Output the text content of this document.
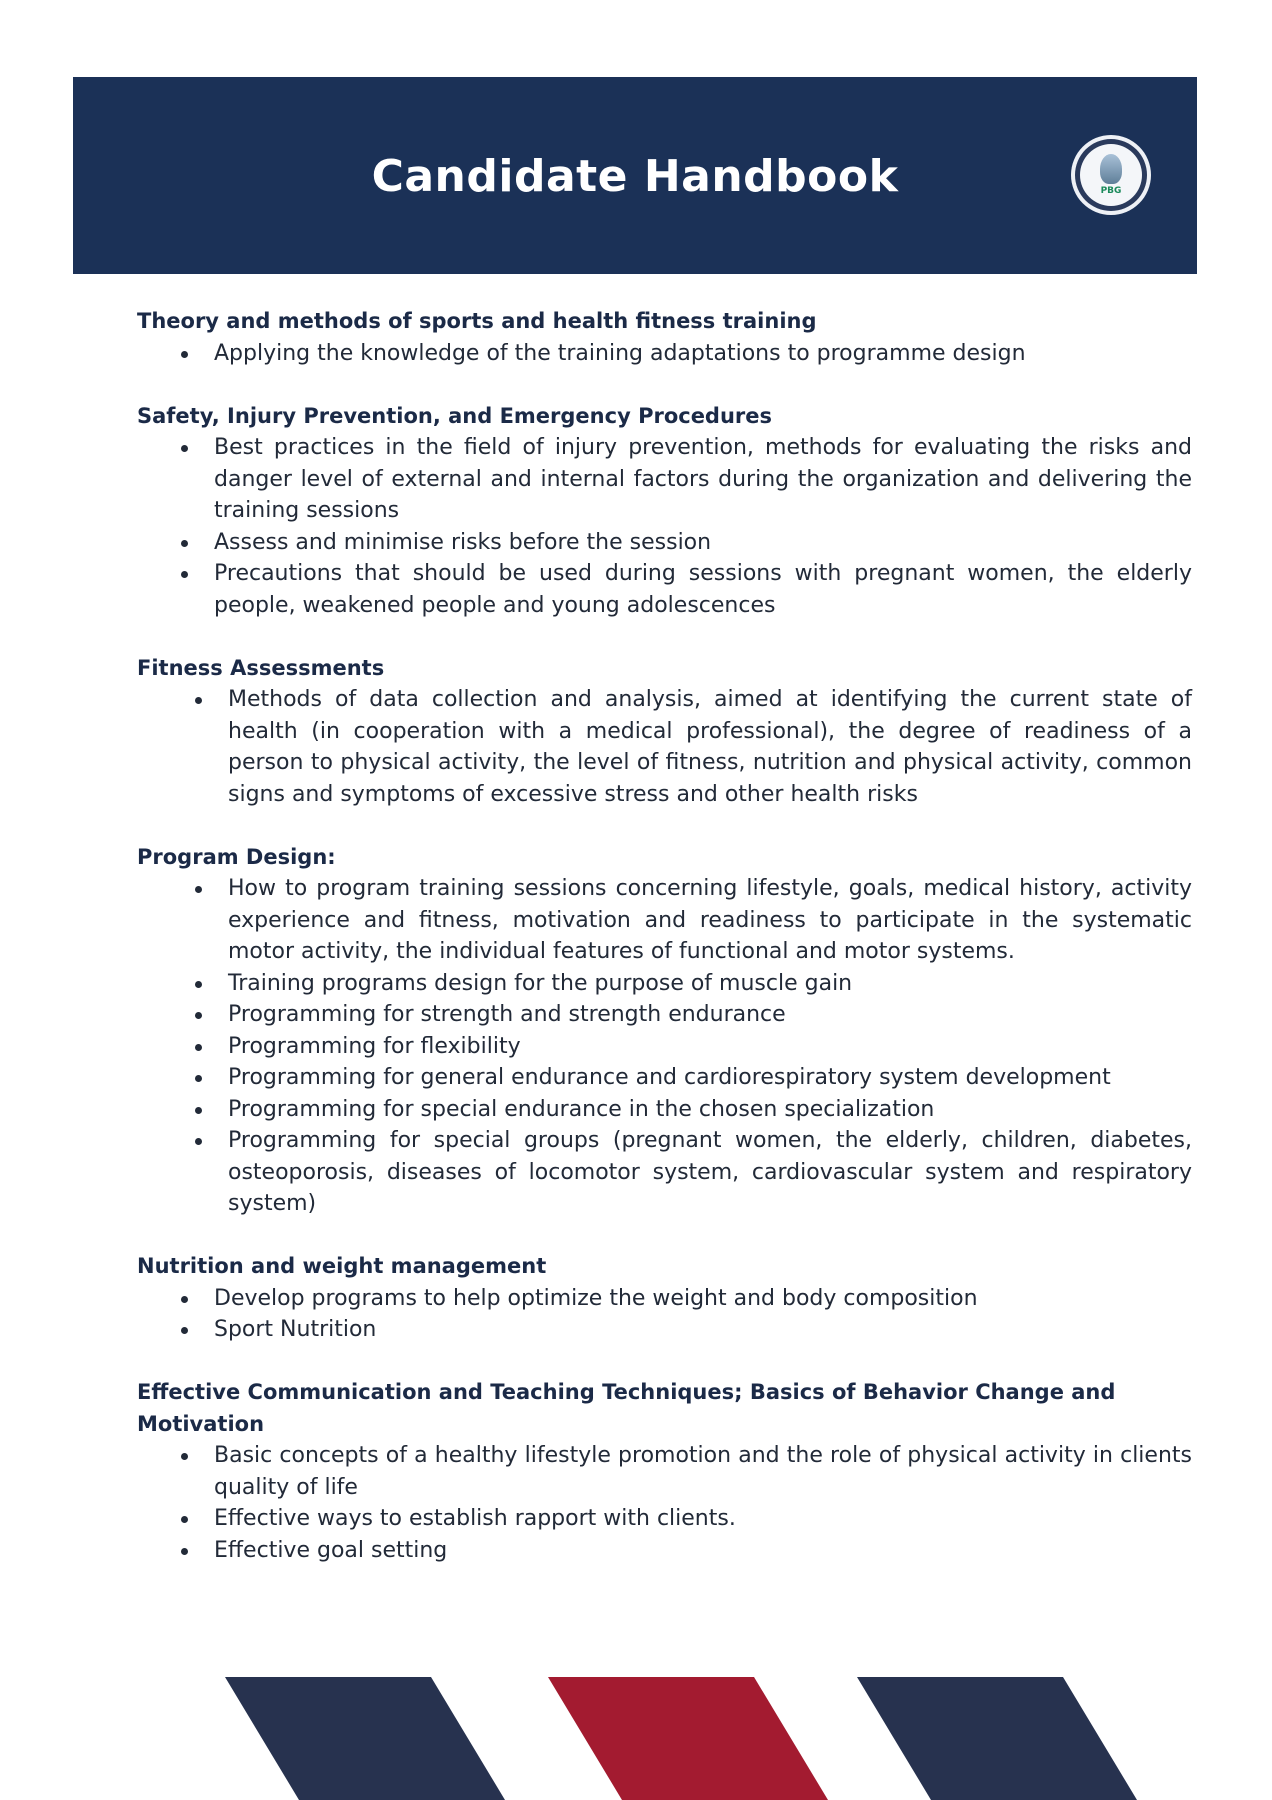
Candidate Handbook	PBG
Theory and methods of sports and health fitness training
Applying the knowledge of the training adaptations to programme design
Safety, Injury Prevention, and Emergency Procedures
Best practices in the field of injury prevention, methods for evaluating the risks and danger level of external and internal factors during the organization and delivering the training sessions
Assess and minimise risks before the session
Precautions that should be used during sessions with pregnant women, the elderly people, weakened people and young adolescences
Fitness Assessments
Methods of data collection and analysis, aimed at identifying the current state of health (in cooperation with a medical professional), the degree of readiness of a person to physical activity, the level of fitness, nutrition and physical activity, common signs and symptoms of excessive stress and other health risks
Program Design:
How to program training sessions concerning lifestyle, goals, medical history, activity experience and fitness, motivation and readiness to participate in the systematic motor activity, the individual features of functional and motor systems.
Training programs design for the purpose of muscle gain
Programming for strength and strength endurance
Programming for flexibility
Programming for general endurance and cardiorespiratory system development
Programming for special endurance in the chosen specialization
Programming for special groups (pregnant women, the elderly, children, diabetes, osteoporosis, diseases of locomotor system, cardiovascular system and respiratory system)
Nutrition and weight management
Develop programs to help optimize the weight and body composition
Sport Nutrition
Effective Communication and Teaching Techniques; Basics of Behavior Change and Motivation
Basic concepts of a healthy lifestyle promotion and the role of physical activity in clients quality of life
Effective ways to establish rapport with clients.
Effective goal setting
